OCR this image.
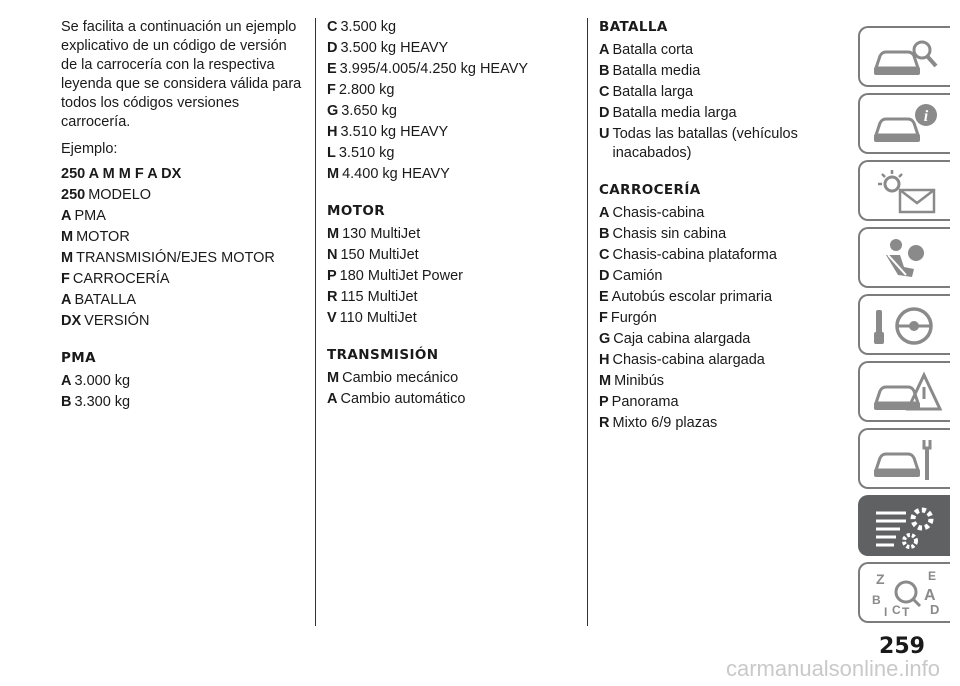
Se facilita a continuación un ejemplo explicativo de un código de versión de la carrocería con la respectiva leyenda que se considera válida para todos los códigos versiones carrocería.

Ejemplo:

250 A M M F A DX

250 MODELO
A PMA
M MOTOR
M TRANSMISIÓN/EJES MOTOR
F CARROCERÍA
A BATALLA
DX VERSIÓN
PMA
A 3.000 kg
B 3.300 kg
C 3.500 kg
D 3.500 kg HEAVY
E 3.995/4.005/4.250 kg HEAVY
F 2.800 kg
G 3.650 kg
H 3.510 kg HEAVY
L 3.510 kg
M 4.400 kg HEAVY
MOTOR
M 130 MultiJet
N 150 MultiJet
P 180 MultiJet Power
R 115 MultiJet
V 110 MultiJet
TRANSMISIÓN
M Cambio mecánico
A Cambio automático
BATALLA
A Batalla corta
B Batalla media
C Batalla larga
D Batalla media larga
U Todas las batallas (vehículos inacabados)
CARROCERÍA
A Chasis-cabina
B Chasis sin cabina
C Chasis-cabina plataforma
D Camión
E Autobús escolar primaria
F Furgón
G Caja cabina alargada
H Chasis-cabina alargada
M Minibús
P Panorama
R Mixto 6/9 plazas
i
Z	E
A
B
C T D
I
259
carmanualsonline.info
